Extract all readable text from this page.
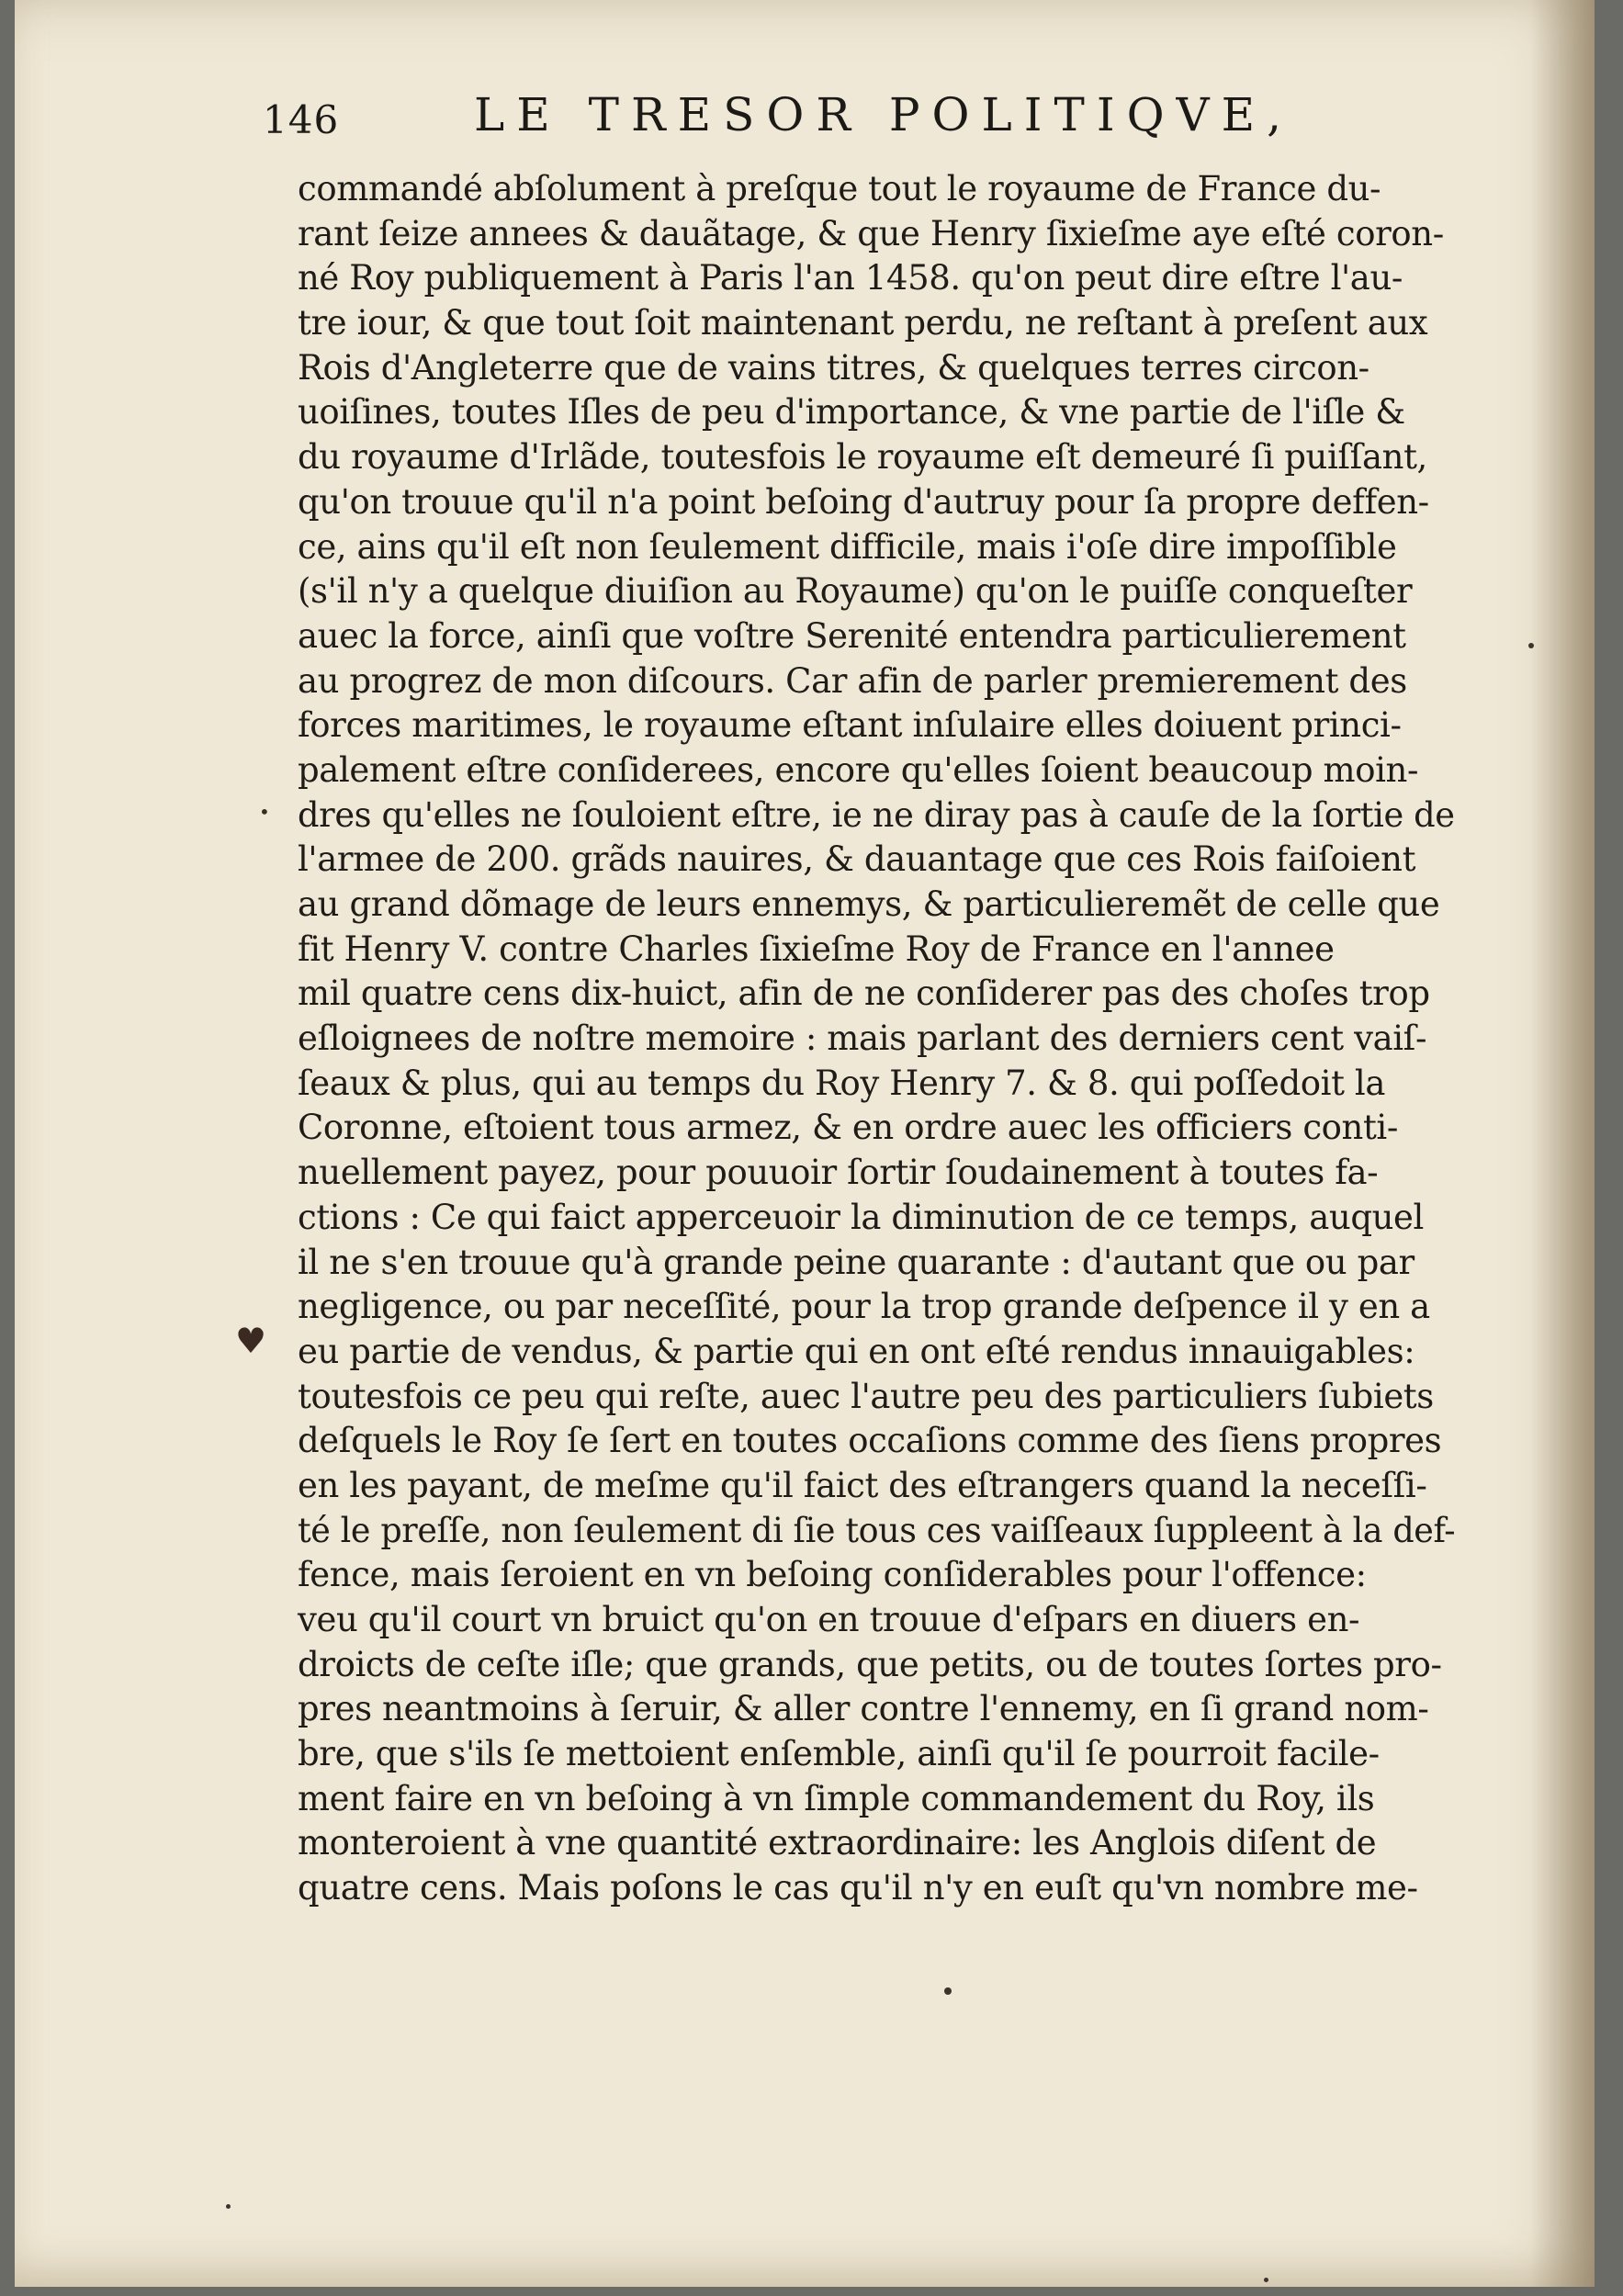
146	LE TRESOR POLITIQVE,
commandé abſolument à preſque tout le royaume de France du-
rant ſeize annees & dauãtage, & que Henry ſixieſme aye eſté coron-
né Roy publiquement à Paris l'an 1458. qu'on peut dire eſtre l'au-
tre iour, & que tout ſoit maintenant perdu, ne reſtant à preſent aux
Rois d'Angleterre que de vains titres, & quelques terres circon-
uoiſines, toutes Iſles de peu d'importance, & vne partie de l'iſle &
du royaume d'Irlãde, toutesfois le royaume eſt demeuré ſi puiſſant,
qu'on trouue qu'il n'a point beſoing d'autruy pour ſa propre deffen-
ce, ains qu'il eſt non ſeulement difficile, mais i'oſe dire impoſſible
(s'il n'y a quelque diuiſion au Royaume) qu'on le puiſſe conqueſter
auec la force, ainſi que voſtre Serenité entendra particulierement
au progrez de mon diſcours. Car afin de parler premierement des
forces maritimes, le royaume eſtant inſulaire elles doiuent princi-
palement eſtre conſiderees, encore qu'elles ſoient beaucoup moin-
dres qu'elles ne ſouloient eſtre, ie ne diray pas à cauſe de la ſortie de
l'armee de 200. grãds nauires, & dauantage que ces Rois faiſoient
au grand dõmage de leurs ennemys, & particulieremẽt de celle que
fit Henry V. contre Charles ſixieſme Roy de France en l'annee
mil quatre cens dix-huict, afin de ne conſiderer pas des choſes trop
eſloignees de noſtre memoire : mais parlant des derniers cent vaiſ-
ſeaux & plus, qui au temps du Roy Henry 7. & 8. qui poſſedoit la
Coronne, eſtoient tous armez, & en ordre auec les officiers conti-
nuellement payez, pour pouuoir ſortir ſoudainement à toutes fa-
ctions : Ce qui faict apperceuoir la diminution de ce temps, auquel
il ne s'en trouue qu'à grande peine quarante : d'autant que ou par
negligence, ou par neceſſité, pour la trop grande deſpence il y en a
eu partie de vendus, & partie qui en ont eſté rendus innauigables:
toutesfois ce peu qui reſte, auec l'autre peu des particuliers ſubiets
deſquels le Roy ſe ſert en toutes occaſions comme des ſiens propres
en les payant, de meſme qu'il faict des eſtrangers quand la neceſſi-
té le preſſe, non ſeulement di ſie tous ces vaiſſeaux ſuppleent à la def-
fence, mais ſeroient en vn beſoing conſiderables pour l'offence:
veu qu'il court vn bruict qu'on en trouue d'eſpars en diuers en-
droicts de ceſte iſle; que grands, que petits, ou de toutes ſortes pro-
pres neantmoins à ſeruir, & aller contre l'ennemy, en ſi grand nom-
bre, que s'ils ſe mettoient enſemble, ainſi qu'il ſe pourroit facile-
ment faire en vn beſoing à vn ſimple commandement du Roy, ils
monteroient à vne quantité extraordinaire: les Anglois diſent de
quatre cens. Mais poſons le cas qu'il n'y en euſt qu'vn nombre me-
♥
•
